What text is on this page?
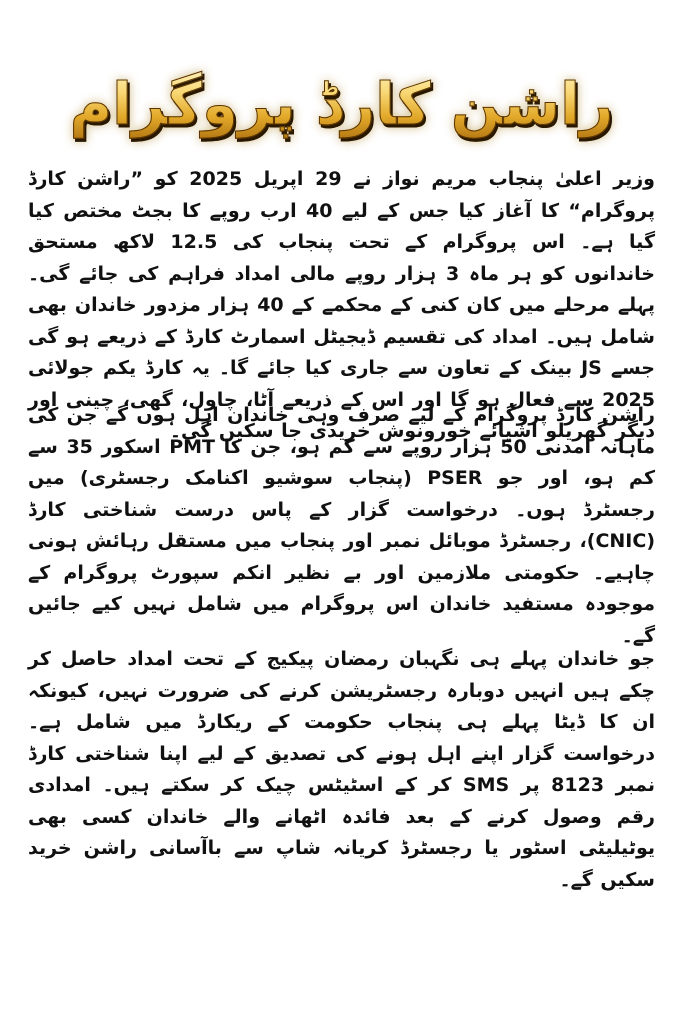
راشن کارڈ پروگرام

وزیر اعلیٰ پنجاب مریم نواز نے 29 اپریل 2025 کو ”راشن کارڈ پروگرام“ کا آغاز کیا جس کے لیے 40 ارب روپے کا بجٹ مختص کیا گیا ہے۔ اس پروگرام کے تحت پنجاب کی 12.5 لاکھ مستحق خاندانوں کو ہر ماہ 3 ہزار روپے مالی امداد فراہم کی جائے گی۔ پہلے مرحلے میں کان کنی کے محکمے کے 40 ہزار مزدور خاندان بھی شامل ہیں۔ امداد کی تقسیم ڈیجیٹل اسمارٹ کارڈ کے ذریعے ہو گی جسے JS بینک کے تعاون سے جاری کیا جائے گا۔ یہ کارڈ یکم جولائی 2025 سے فعال ہو گا اور اس کے ذریعے آٹا، چاول، گھی، چینی اور دیگر گھریلو اشیائے خورونوش خریدی جا سکیں گی۔

راشن کارڈ پروگرام کے لیے صرف وہی خاندان اہل ہوں گے جن کی ماہانہ آمدنی 50 ہزار روپے سے کم ہو، جن کا PMT اسکور 35 سے کم ہو، اور جو PSER (پنجاب سوشیو اکنامک رجسٹری) میں رجسٹرڈ ہوں۔ درخواست گزار کے پاس درست شناختی کارڈ (CNIC)، رجسٹرڈ موبائل نمبر اور پنجاب میں مستقل رہائش ہونی چاہیے۔ حکومتی ملازمین اور بے نظیر انکم سپورٹ پروگرام کے موجودہ مستفید خاندان اس پروگرام میں شامل نہیں کیے جائیں گے۔

جو خاندان پہلے ہی نگہبان رمضان پیکیج کے تحت امداد حاصل کر چکے ہیں انہیں دوبارہ رجسٹریشن کرنے کی ضرورت نہیں، کیونکہ ان کا ڈیٹا پہلے ہی پنجاب حکومت کے ریکارڈ میں شامل ہے۔ درخواست گزار اپنے اہل ہونے کی تصدیق کے لیے اپنا شناختی کارڈ نمبر 8123 پر SMS کر کے اسٹیٹس چیک کر سکتے ہیں۔ امدادی رقم وصول کرنے کے بعد فائدہ اٹھانے والے خاندان کسی بھی یوٹیلیٹی اسٹور یا رجسٹرڈ کریانہ شاپ سے باآسانی راشن خرید سکیں گے۔
